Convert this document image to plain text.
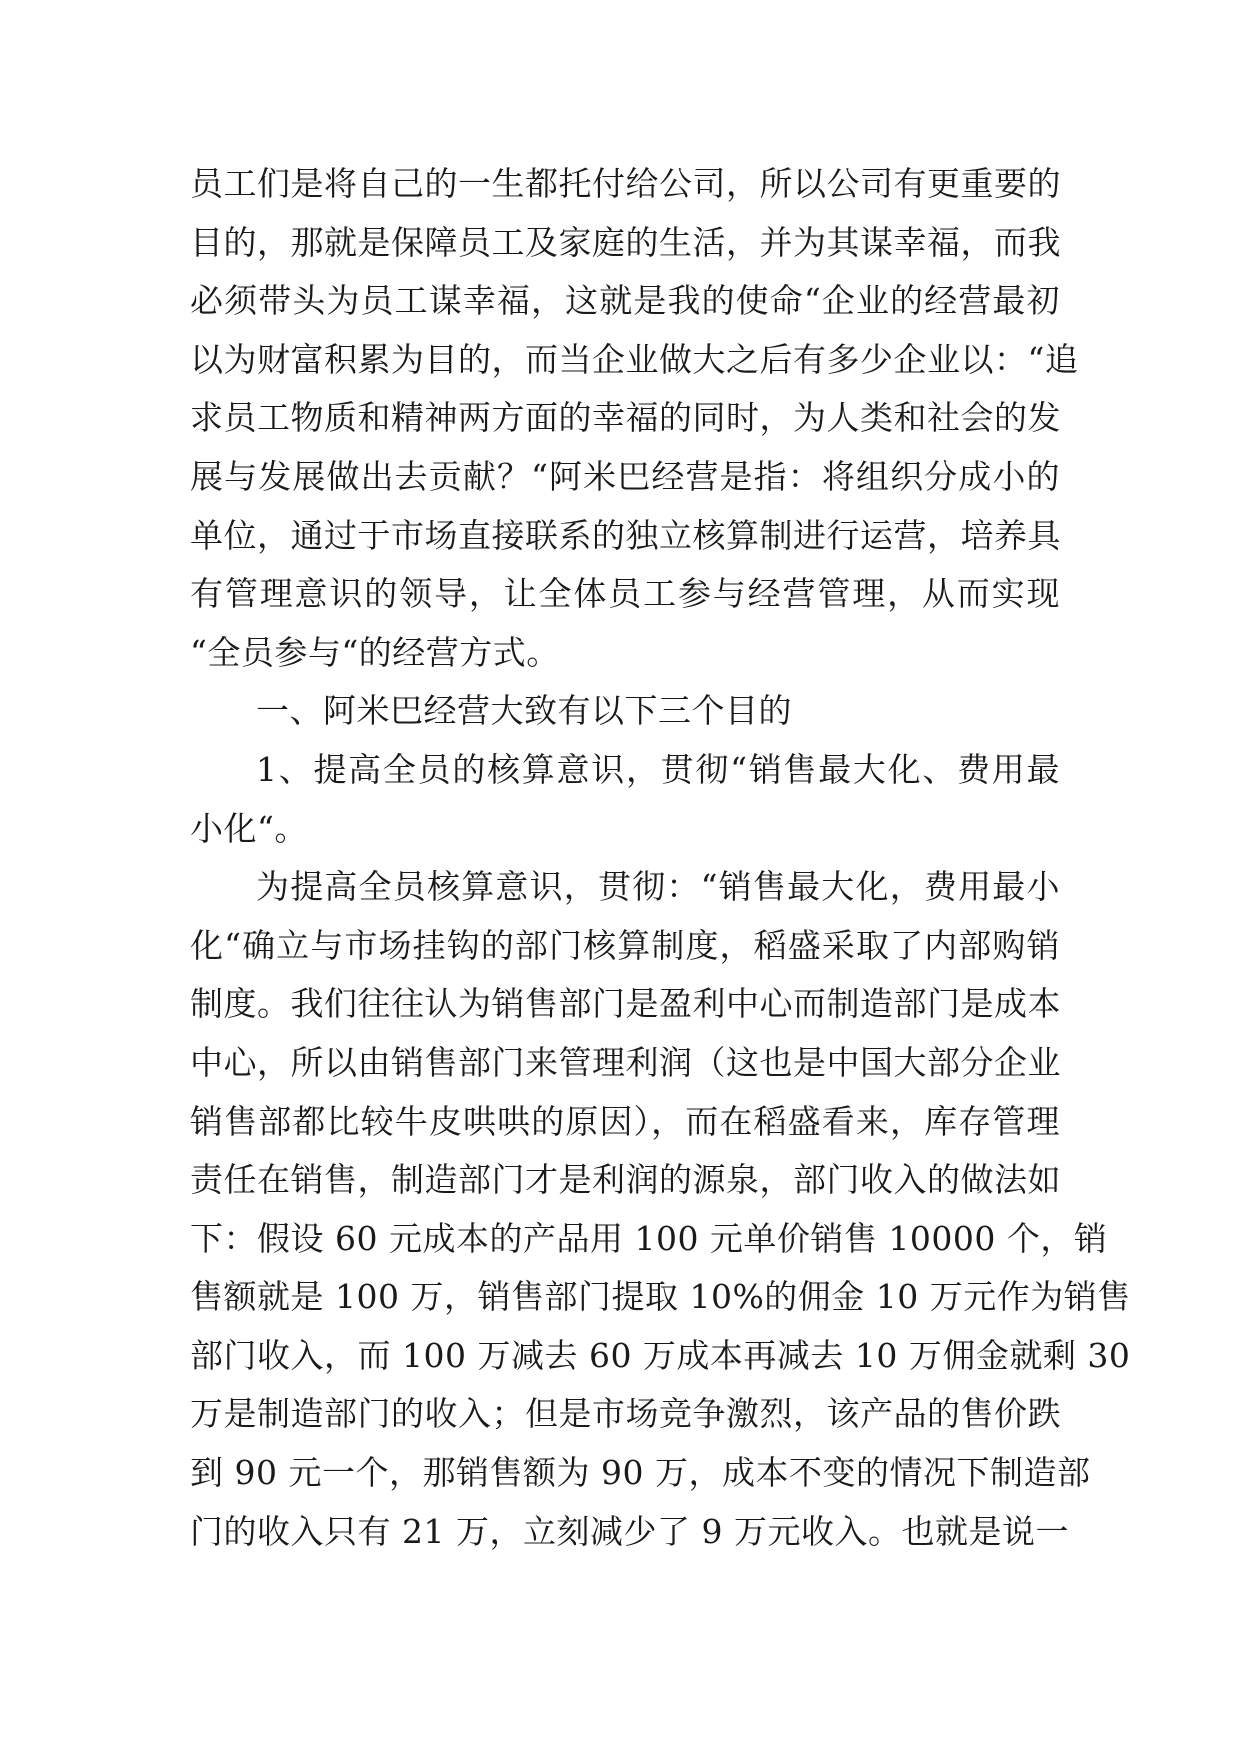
员工们是将自己的一生都托付给公司，所以公司有更重要的
目的，那就是保障员工及家庭的生活，并为其谋幸福，而我
必须带头为员工谋幸福，这就是我的使命“企业的经营最初
以为财富积累为目的，而当企业做大之后有多少企业以：“追
求员工物质和精神两方面的幸福的同时，为人类和社会的发
展与发展做出去贡献？“阿米巴经营是指：将组织分成小的
单位，通过于市场直接联系的独立核算制进行运营，培养具
有管理意识的领导，让全体员工参与经营管理，从而实现
“全员参与“的经营方式。
一、阿米巴经营大致有以下三个目的
1、提高全员的核算意识，贯彻“销售最大化、费用最
小化“。
为提高全员核算意识，贯彻：“销售最大化，费用最小
化“确立与市场挂钩的部门核算制度，稻盛采取了内部购销
制度。我们往往认为销售部门是盈利中心而制造部门是成本
中心，所以由销售部门来管理利润（这也是中国大部分企业
销售部都比较牛皮哄哄的原因），而在稻盛看来，库存管理
责任在销售，制造部门才是利润的源泉，部门收入的做法如
下：假设 60 元成本的产品用 100 元单价销售 10000 个，销
售额就是 100 万，销售部门提取 10%的佣金 10 万元作为销售
部门收入，而 100 万减去 60 万成本再减去 10 万佣金就剩 30
万是制造部门的收入；但是市场竞争激烈，该产品的售价跌
到 90 元一个，那销售额为 90 万，成本不变的情况下制造部
门的收入只有 21 万，立刻减少了 9 万元收入。也就是说一
